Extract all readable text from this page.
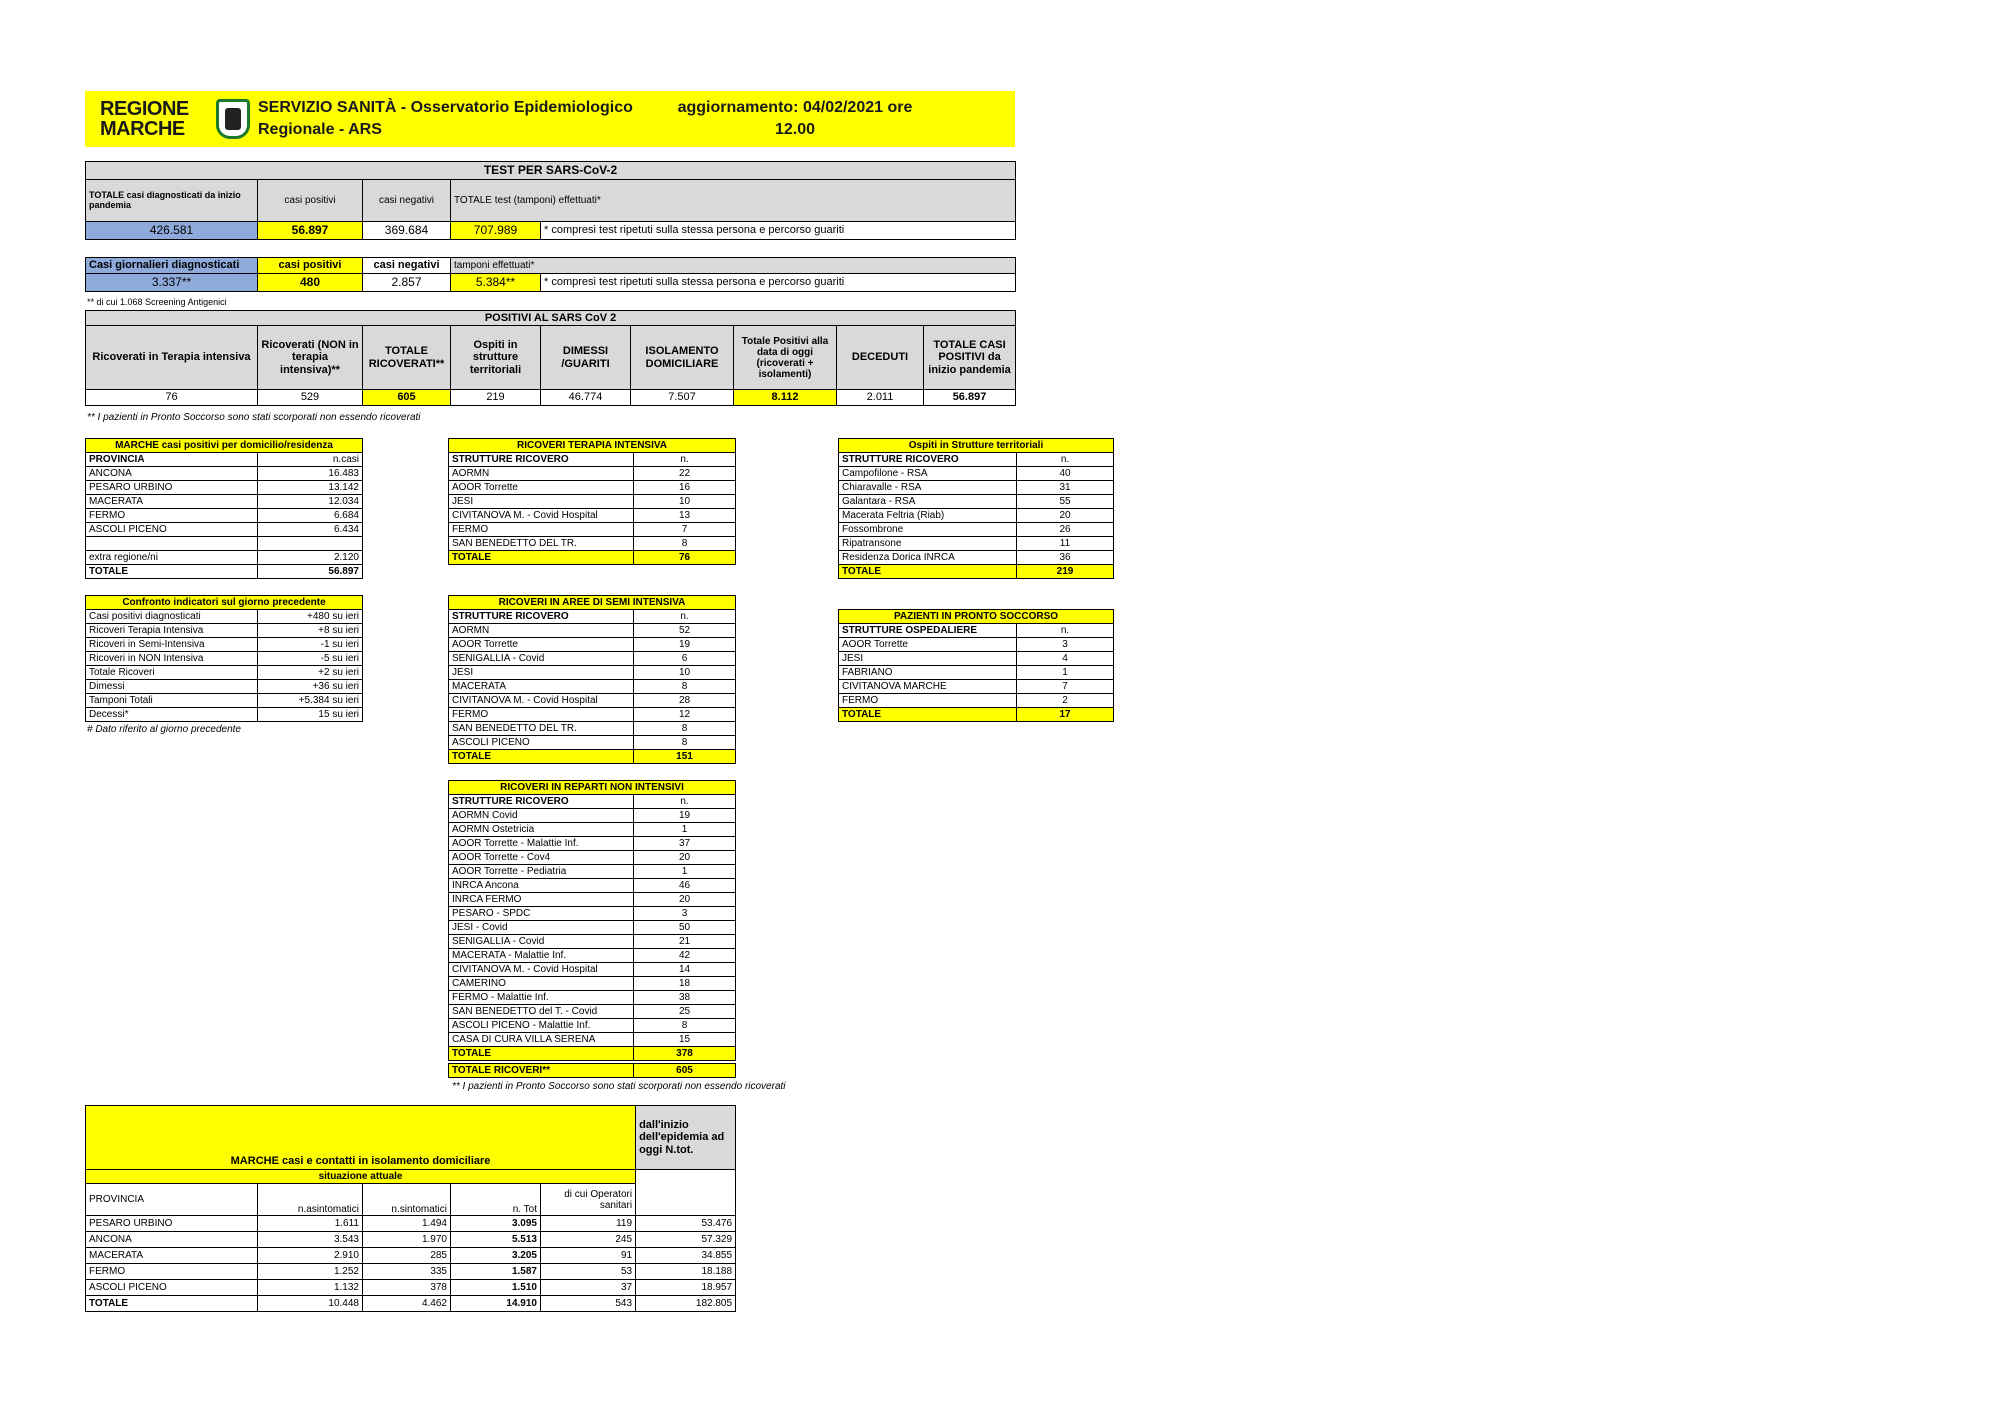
REGIONE
MARCHE
SERVIZIO SANITÀ - Osservatorio Epidemiologico
Regionale - ARS
aggiornamento: 04/02/2021 ore
12.00
TEST PER SARS-CoV-2				
TOTALE casi diagnosticati da inizio pandemia	casi positivi	casi negativi	TOTALE test (tamponi) effettuati*	
426.581	56.897	369.684	707.989	* compresi test ripetuti sulla stessa persona e percorso guariti
Casi giornalieri diagnosticati	casi positivi	casi negativi	tamponi effettuati*	
3.337**	480	2.857	5.384**	* compresi test ripetuti sulla stessa persona e percorso guariti
** di cui 1.068 Screening Antigenici
POSITIVI AL SARS CoV 2								
Ricoverati in Terapia intensiva	Ricoverati (NON in terapia intensiva)**	TOTALE RICOVERATI**	Ospiti in strutture territoriali	DIMESSI /GUARITI	ISOLAMENTO DOMICILIARE	Totale Positivi alla data di oggi (ricoverati + isolamenti)	DECEDUTI	TOTALE CASI POSITIVI da inizio pandemia
76	529	605	219	46.774	7.507	8.112	2.011	56.897
** I pazienti in Pronto Soccorso sono stati scorporati non essendo ricoverati
MARCHE casi positivi per domicilio/residenza	
PROVINCIA	n.casi
ANCONA	16.483
PESARO URBINO	13.142
MACERATA	12.034
FERMO	6.684
ASCOLI PICENO	6.434

extra regione/ni	2.120
TOTALE	56.897
Confronto indicatori sul giorno precedente	
Casi positivi diagnosticati	+480 su ieri
Ricoveri Terapia Intensiva	+8 su ieri
Ricoveri in Semi-Intensiva	-1 su ieri
Ricoveri in NON Intensiva	-5 su ieri
Totale Ricoveri	+2 su ieri
Dimessi	+36 su ieri
Tamponi Totali	+5.384 su ieri
Decessi*	15 su ieri
# Dato riferito al giorno precedente
RICOVERI TERAPIA INTENSIVA	
STRUTTURE RICOVERO	n.
AORMN	22
AOOR Torrette	16
JESI	10
CIVITANOVA M. - Covid Hospital	13
FERMO	7
SAN BENEDETTO DEL TR.	8
TOTALE	76
RICOVERI IN AREE DI SEMI INTENSIVA	
STRUTTURE RICOVERO	n.
AORMN	52
AOOR Torrette	19
SENIGALLIA - Covid	6
JESI	10
MACERATA	8
CIVITANOVA M. - Covid Hospital	28
FERMO	12
SAN BENEDETTO DEL TR.	8
ASCOLI PICENO	8
TOTALE	151
RICOVERI IN REPARTI NON INTENSIVI	
STRUTTURE RICOVERO	n.
AORMN Covid	19
AORMN Ostetricia	1
AOOR Torrette - Malattie Inf.	37
AOOR Torrette - Cov4	20
AOOR Torrette - Pediatria	1
INRCA Ancona	46
INRCA FERMO	20
PESARO - SPDC	3
JESI - Covid	50
SENIGALLIA - Covid	21
MACERATA - Malattie Inf.	42
CIVITANOVA M. - Covid Hospital	14
CAMERINO	18
FERMO - Malattie Inf.	38
SAN BENEDETTO del T. - Covid	25
ASCOLI PICENO - Malattie Inf.	8
CASA DI CURA VILLA SERENA	15
TOTALE	378
TOTALE RICOVERI**	605
** I pazienti in Pronto Soccorso sono stati scorporati non essendo ricoverati
Ospiti in Strutture territoriali	
STRUTTURE RICOVERO	n.
Campofilone - RSA	40
Chiaravalle - RSA	31
Galantara - RSA	55
Macerata Feltria (Riab)	20
Fossombrone	26
Ripatransone	11
Residenza Dorica INRCA	36
TOTALE	219
PAZIENTI IN PRONTO SOCCORSO	
STRUTTURE OSPEDALIERE	n.
AOOR Torrette	3
JESI	4
FABRIANO	1
CIVITANOVA MARCHE	7
FERMO	2
TOTALE	17
MARCHE casi e contatti in isolamento domiciliare					dall'inizio dell'epidemia ad oggi N.tot.
situazione attuale					
PROVINCIA	n.asintomatici	n.sintomatici	n. Tot	di cui Operatori sanitari	
PESARO URBINO	1.611	1.494	3.095	119	53.476
ANCONA	3.543	1.970	5.513	245	57.329
MACERATA	2.910	285	3.205	91	34.855
FERMO	1.252	335	1.587	53	18.188
ASCOLI PICENO	1.132	378	1.510	37	18.957
TOTALE	10.448	4.462	14.910	543	182.805
